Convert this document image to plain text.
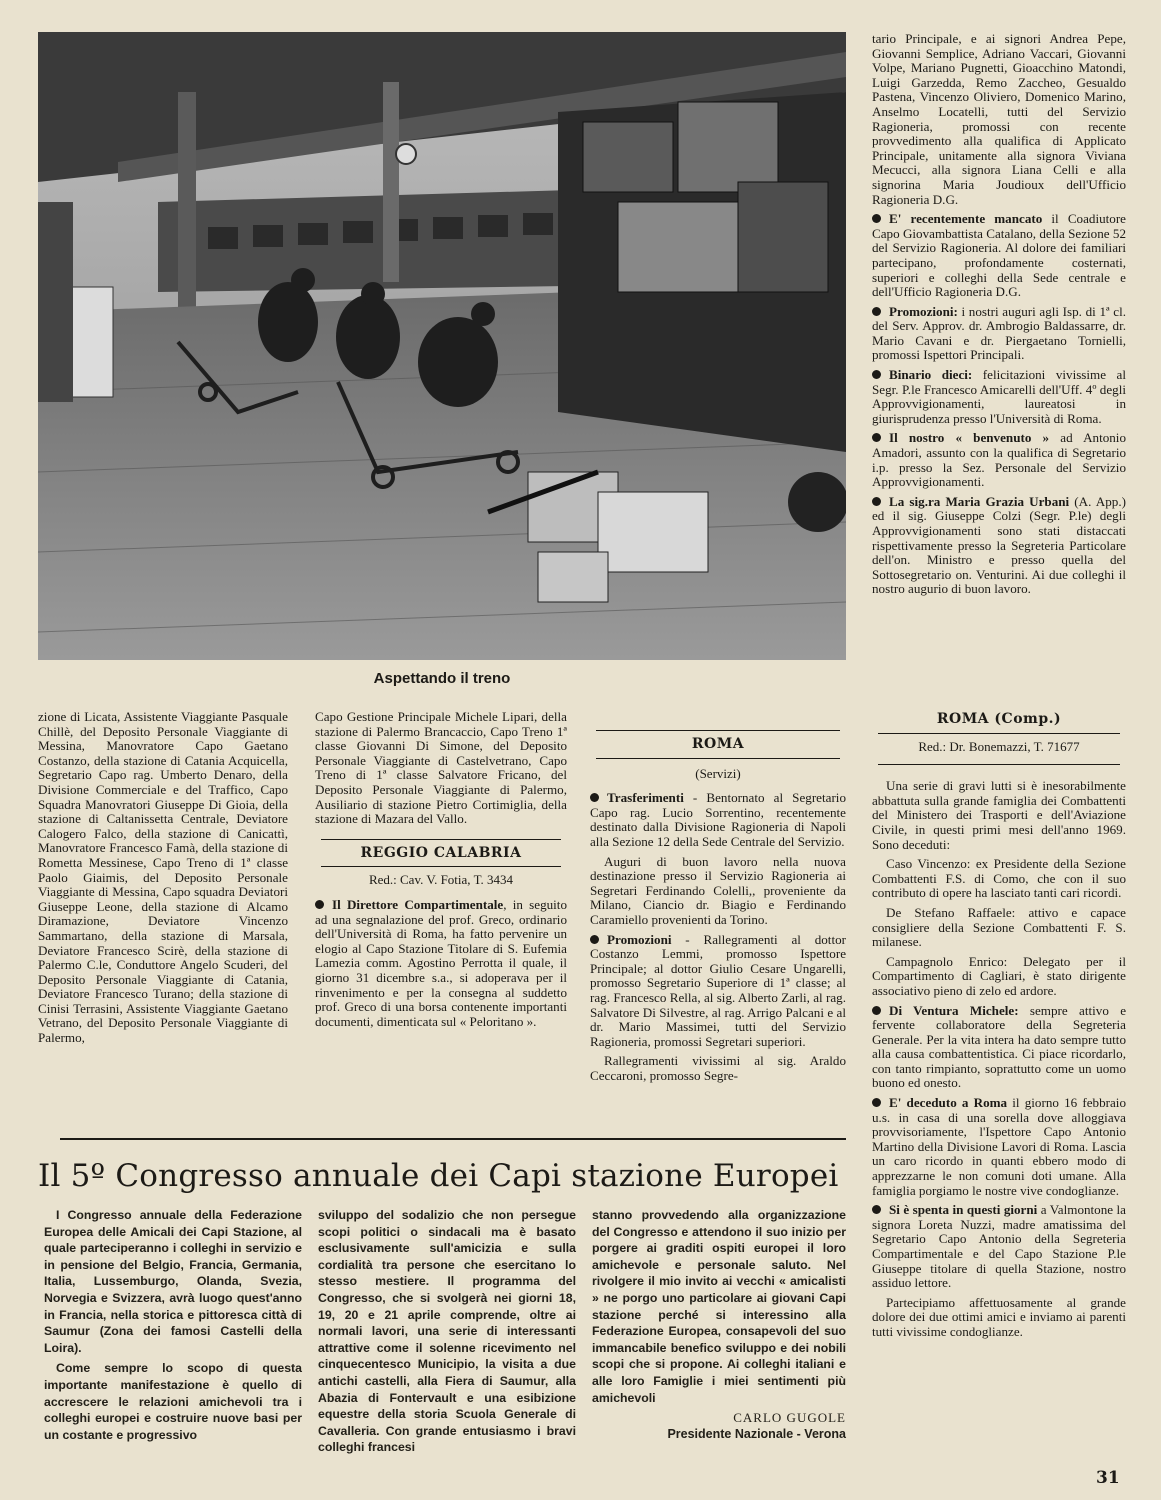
Aspettando il treno

tario Principale, e ai signori Andrea Pepe, Giovanni Semplice, Adriano Vaccari, Giovanni Volpe, Mariano Pugnetti, Gioacchino Matondi, Luigi Garzedda, Remo Zaccheo, Gesualdo Pastena, Vincenzo Oliviero, Domenico Marino, Anselmo Locatelli, tutti del Servizio Ragioneria, promossi con recente provvedimento alla qualifica di Applicato Principale, unitamente alla signora Viviana Mecucci, alla signora Liana Celli e alla signorina Maria Joudioux dell'Ufficio Ragioneria D.G.

E' recentemente mancato il Coadiutore Capo Giovambattista Catalano, della Sezione 52 del Servizio Ragioneria. Al dolore dei familiari partecipano, profondamente costernati, superiori e colleghi della Sede centrale e dell'Ufficio Ragioneria D.G.

Promozioni: i nostri auguri agli Isp. di 1ª cl. del Serv. Approv. dr. Ambrogio Baldassarre, dr. Mario Cavani e dr. Piergaetano Tornielli, promossi Ispettori Principali.

Binario dieci: felicitazioni vivissime al Segr. P.le Francesco Amicarelli dell'Uff. 4º degli Approvvigionamenti, laureatosi in giurisprudenza presso l'Università di Roma.

Il nostro « benvenuto » ad Antonio Amadori, assunto con la qualifica di Segretario i.p. presso la Sez. Personale del Servizio Approvvigionamenti.

La sig.ra Maria Grazia Urbani (A. App.) ed il sig. Giuseppe Colzi (Segr. P.le) degli Approvvigionamenti sono stati distaccati rispettivamente presso la Segreteria Particolare dell'on. Ministro e presso quella del Sottosegretario on. Venturini. Ai due colleghi il nostro augurio di buon lavoro.

zione di Licata, Assistente Viaggiante Pasquale Chillè, del Deposito Personale Viaggiante di Messina, Manovratore Capo Gaetano Costanzo, della stazione di Catania Acquicella, Segretario Capo rag. Umberto Denaro, della Divisione Commerciale e del Traffico, Capo Squadra Manovratori Giuseppe Di Gioia, della stazione di Caltanissetta Centrale, Deviatore Calogero Falco, della stazione di Canicattì, Manovratore Francesco Famà, della stazione di Rometta Messinese, Capo Treno di 1ª classe Paolo Giaimis, del Deposito Personale Viaggiante di Messina, Capo squadra Deviatori Giuseppe Leone, della stazione di Alcamo Diramazione, Deviatore Vincenzo Sammartano, della stazione di Marsala, Deviatore Francesco Scirè, della stazione di Palermo C.le, Conduttore Angelo Scuderi, del Deposito Personale Viaggiante di Catania, Deviatore Francesco Turano; della stazione di Cinisi Terrasini, Assistente Viaggiante Gaetano Vetrano, del Deposito Personale Viaggiante di Palermo,

Capo Gestione Principale Michele Lipari, della stazione di Palermo Brancaccio, Capo Treno 1ª classe Giovanni Di Simone, del Deposito Personale Viaggiante di Castelvetrano, Capo Treno di 1ª classe Salvatore Fricano, del Deposito Personale Viaggiante di Palermo, Ausiliario di stazione Pietro Cortimiglia, della stazione di Mazara del Vallo.

REGGIO CALABRIA
Red.: Cav. V. Fotia, T. 3434

Il Direttore Compartimentale, in seguito ad una segnalazione del prof. Greco, ordinario dell'Università di Roma, ha fatto pervenire un elogio al Capo Stazione Titolare di S. Eufemia Lamezia comm. Agostino Perrotta il quale, il giorno 31 dicembre s.a., si adoperava per il rinvenimento e per la consegna al suddetto prof. Greco di una borsa contenente importanti documenti, dimenticata sul « Peloritano ».

ROMA
(Servizi)

Trasferimenti - Bentornato al Segretario Capo rag. Lucio Sorrentino, recentemente destinato dalla Divisione Ragioneria di Napoli alla Sezione 12 della Sede Centrale del Servizio.

Auguri di buon lavoro nella nuova destinazione presso il Servizio Ragioneria ai Segretari Ferdinando Colelli,, proveniente da Milano, Ciancio dr. Biagio e Ferdinando Caramiello provenienti da Torino.

Promozioni - Rallegramenti al dottor Costanzo Lemmi, promosso Ispettore Principale; al dottor Giulio Cesare Ungarelli, promosso Segretario Superiore di 1ª classe; al rag. Francesco Rella, al sig. Alberto Zarli, al rag. Salvatore Di Silvestre, al rag. Arrigo Palcani e al dr. Mario Massimei, tutti del Servizio Ragioneria, promossi Segretari superiori.

Rallegramenti vivissimi al sig. Araldo Ceccaroni, promosso Segre-

ROMA (Comp.)
Red.: Dr. Bonemazzi, T. 71677

Una serie di gravi lutti si è inesorabilmente abbattuta sulla grande famiglia dei Combattenti del Ministero dei Trasporti e dell'Aviazione Civile, in questi primi mesi dell'anno 1969. Sono deceduti:

Caso Vincenzo: ex Presidente della Sezione Combattenti F.S. di Como, che con il suo contributo di opere ha lasciato tanti cari ricordi.

De Stefano Raffaele: attivo e capace consigliere della Sezione Combattenti F. S. milanese.

Campagnolo Enrico: Delegato per il Compartimento di Cagliari, è stato dirigente associativo pieno di zelo ed ardore.

Di Ventura Michele: sempre attivo e fervente collaboratore della Segreteria Generale. Per la vita intera ha dato sempre tutto alla causa combattentistica. Ci piace ricordarlo, con tanto rimpianto, soprattutto come un uomo buono ed onesto.

E' deceduto a Roma il giorno 16 febbraio u.s. in casa di una sorella dove alloggiava provvisoriamente, l'Ispettore Capo Antonio Martino della Divisione Lavori di Roma. Lascia un caro ricordo in quanti ebbero modo di apprezzarne le non comuni doti umane. Alla famiglia porgiamo le nostre vive condoglianze.

Si è spenta in questi giorni a Valmontone la signora Loreta Nuzzi, madre amatissima del Segretario Capo Antonio della Segreteria Compartimentale e del Capo Stazione P.le Giuseppe titolare di quella Stazione, nostro assiduo lettore.

Partecipiamo affettuosamente al grande dolore dei due ottimi amici e inviamo ai parenti tutti vivissime condoglianze.

Il 5º Congresso annuale dei Capi stazione Europei

I Congresso annuale della Federazione Europea delle Amicali dei Capi Stazione, al quale parteciperanno i colleghi in servizio e in pensione del Belgio, Francia, Germania, Italia, Lussemburgo, Olanda, Svezia, Norvegia e Svizzera, avrà luogo quest'anno in Francia, nella storica e pittoresca città di Saumur (Zona dei famosi Castelli della Loira).

Come sempre lo scopo di questa importante manifestazione è quello di accrescere le relazioni amichevoli tra i colleghi europei e costruire nuove basi per un costante e progressivo

sviluppo del sodalizio che non persegue scopi politici o sindacali ma è basato esclusivamente sull'amicizia e sulla cordialità tra persone che esercitano lo stesso mestiere. Il programma del Congresso, che si svolgerà nei giorni 18, 19, 20 e 21 aprile comprende, oltre ai normali lavori, una serie di interessanti attrattive come il solenne ricevimento nel cinquecentesco Municipio, la visita a due antichi castelli, alla Fiera di Saumur, alla Abazia di Fontervault e una esibizione equestre della storia Scuola Generale di Cavalleria. Con grande entusiasmo i bravi colleghi francesi

stanno provvedendo alla organizzazione del Congresso e attendono il suo inizio per porgere ai graditi ospiti europei il loro amichevole e personale saluto. Nel rivolgere il mio invito ai vecchi « amicalisti » ne porgo uno particolare ai giovani Capi stazione perché si interessino alla Federazione Europea, consapevoli del suo immancabile benefico sviluppo e dei nobili scopi che si propone. Ai colleghi italiani e alle loro Famiglie i miei sentimenti più amichevoli

CARLO GUGOLE
Presidente Nazionale - Verona
31
